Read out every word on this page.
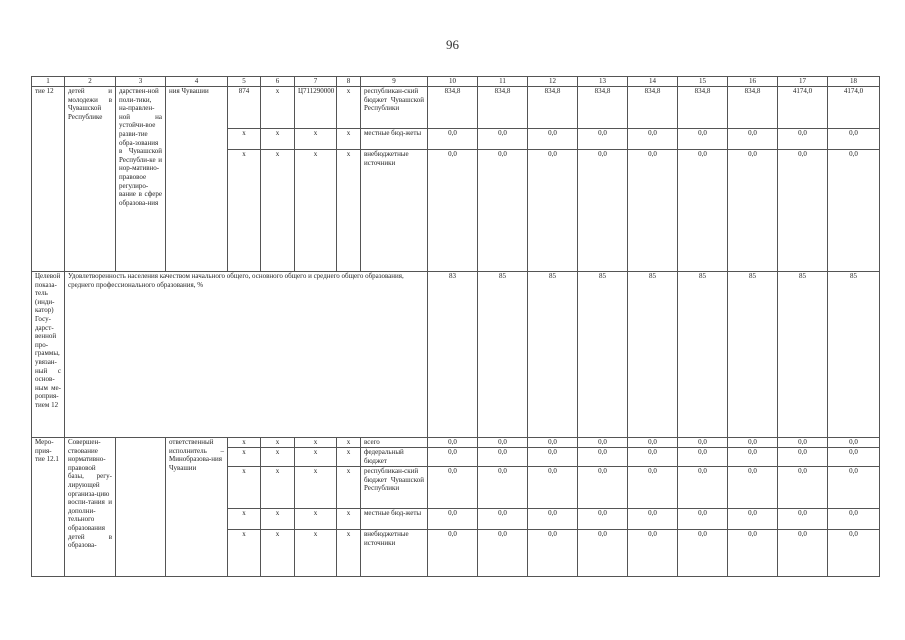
96
1	2	3	4	5	6	7	8	9	10	11	12	13	14	15	16	17	18
тие 12	детей и молодежи в Чувашской Республике	дарствен-ной поли-тики, на-правлен-ной на устойчи-вое разви-тие обра-зования в Чувашской Республи-ке и нор-мативно-правовое регулиро-вание в сфере образова-ния	ния Чувашии	874	x	Ц711290000	x	республикан-ский бюджет Чувашской Республики	834,8	834,8	834,8	834,8	834,8	834,8	834,8	4174,0	4174,0
				x	x	x	x	местные бюд-жеты	0,0	0,0	0,0	0,0	0,0	0,0	0,0	0,0	0,0
				x	x	x	x	внебюджетные источники	0,0	0,0	0,0	0,0	0,0	0,0	0,0	0,0	0,0
Целевой показа-тель (инди-катор) Госу-дарст-венной про-граммы, увязан-ный с основ-ным ме-роприя-тием 12	Удовлетворенность населения качеством начального общего, основного общего и среднего общего образования, среднего профессионального образования, %								83	85	85	85	85	85	85	85	85
Меро-прия-тие 12.1	Совершен-ствование нормативно-правовой базы, регу-лирующей организа-цию воспи-тания и дополни-тельного образования детей в образова-		ответственный исполнитель – Минобразова-ния Чувашии	x	x	x	x	всего	0,0	0,0	0,0	0,0	0,0	0,0	0,0	0,0	0,0
				x	x	x	x	федеральный бюджет	0,0	0,0	0,0	0,0	0,0	0,0	0,0	0,0	0,0
				x	x	x	x	республикан-ский бюджет Чувашской Республики	0,0	0,0	0,0	0,0	0,0	0,0	0,0	0,0	0,0
				x	x	x	x	местные бюд-жеты	0,0	0,0	0,0	0,0	0,0	0,0	0,0	0,0	0,0
				x	x	x	x	внебюджетные источники	0,0	0,0	0,0	0,0	0,0	0,0	0,0	0,0	0,0
